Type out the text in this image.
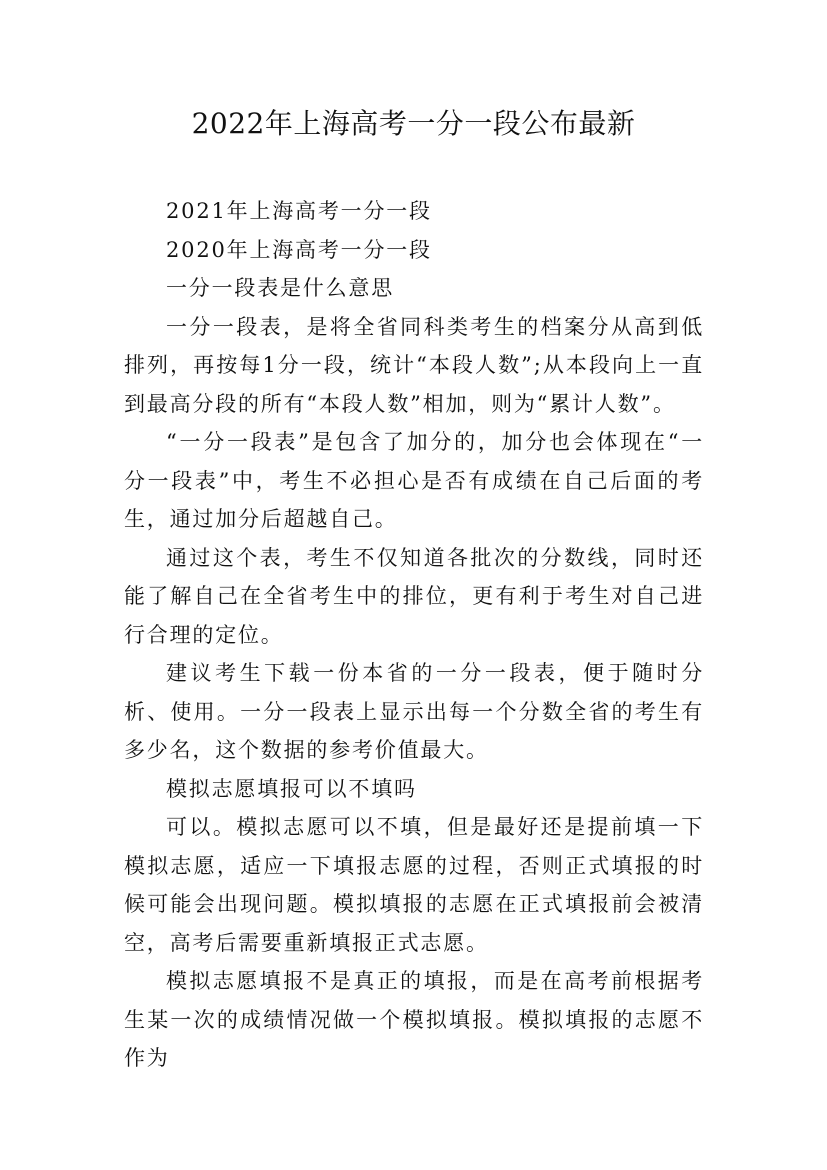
2022年上海高考一分一段公布最新

2021年上海高考一分一段

2020年上海高考一分一段

一分一段表是什么意思

一分一段表，是将全省同科类考生的档案分从高到低排列，再按每1分一段，统计“本段人数”;从本段向上一直到最高分段的所有“本段人数”相加，则为“累计人数”。

“一分一段表”是包含了加分的，加分也会体现在“一分一段表”中，考生不必担心是否有成绩在自己后面的考生，通过加分后超越自己。

通过这个表，考生不仅知道各批次的分数线，同时还能了解自己在全省考生中的排位，更有利于考生对自己进行合理的定位。

建议考生下载一份本省的一分一段表，便于随时分析、使用。一分一段表上显示出每一个分数全省的考生有多少名，这个数据的参考价值最大。

模拟志愿填报可以不填吗

可以。模拟志愿可以不填，但是最好还是提前填一下模拟志愿，适应一下填报志愿的过程，否则正式填报的时候可能会出现问题。模拟填报的志愿在正式填报前会被清空，高考后需要重新填报正式志愿。

模拟志愿填报不是真正的填报，而是在高考前根据考生某一次的成绩情况做一个模拟填报。模拟填报的志愿不作为
